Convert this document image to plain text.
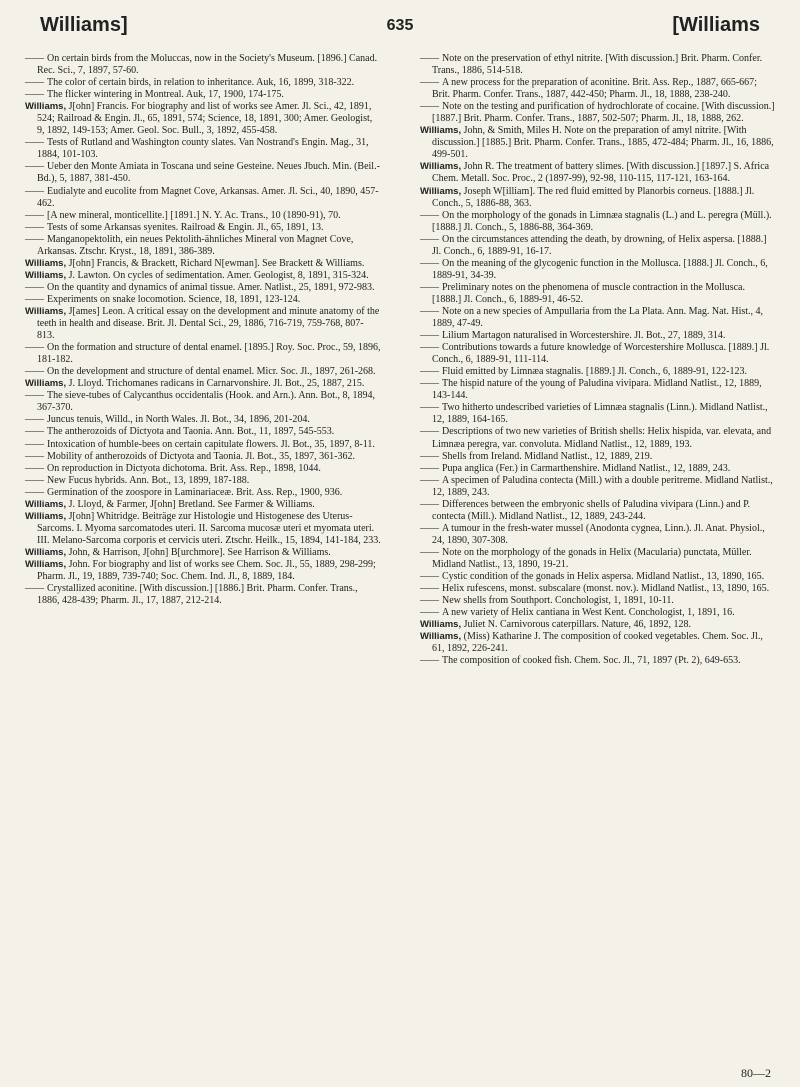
Williams]	635	[Williams

—— On certain birds from the Moluccas, now in the Society's Museum. [1896.] Canad. Rec. Sci., 7, 1897, 57-60.

—— The color of certain birds, in relation to inheritance. Auk, 16, 1899, 318-322.

—— The flicker wintering in Montreal. Auk, 17, 1900, 174-175.

Williams, J[ohn] Francis. For biography and list of works see Amer. Jl. Sci., 42, 1891, 524; Railroad & Engin. Jl., 65, 1891, 574; Science, 18, 1891, 300; Amer. Geologist, 9, 1892, 149-153; Amer. Geol. Soc. Bull., 3, 1892, 455-458.

—— Tests of Rutland and Washington county slates. Van Nostrand's Engin. Mag., 31, 1884, 101-103.

—— Ueber den Monte Amiata in Toscana und seine Gesteine. Neues Jbuch. Min. (Beil.-Bd.), 5, 1887, 381-450.

—— Eudialyte and eucolite from Magnet Cove, Arkansas. Amer. Jl. Sci., 40, 1890, 457-462.

—— [A new mineral, monticellite.] [1891.] N. Y. Ac. Trans., 10 (1890-91), 70.

—— Tests of some Arkansas syenites. Railroad & Engin. Jl., 65, 1891, 13.

—— Manganopektolith, ein neues Pektolith-ähnliches Mineral von Magnet Cove, Arkansas. Ztschr. Kryst., 18, 1891, 386-389.

Williams, J[ohn] Francis, & Brackett, Richard N[ewman]. See Brackett & Williams.

Williams, J. Lawton. On cycles of sedimentation. Amer. Geologist, 8, 1891, 315-324.

—— On the quantity and dynamics of animal tissue. Amer. Natlist., 25, 1891, 972-983.

—— Experiments on snake locomotion. Science, 18, 1891, 123-124.

Williams, J[ames] Leon. A critical essay on the development and minute anatomy of the teeth in health and disease. Brit. Jl. Dental Sci., 29, 1886, 716-719, 759-768, 807-813.

—— On the formation and structure of dental enamel. [1895.] Roy. Soc. Proc., 59, 1896, 181-182.

—— On the development and structure of dental enamel. Micr. Soc. Jl., 1897, 261-268.

Williams, J. Lloyd. Trichomanes radicans in Carnarvonshire. Jl. Bot., 25, 1887, 215.

—— The sieve-tubes of Calycanthus occidentalis (Hook. and Arn.). Ann. Bot., 8, 1894, 367-370.

—— Juncus tenuis, Willd., in North Wales. Jl. Bot., 34, 1896, 201-204.

—— The antherozoids of Dictyota and Taonia. Ann. Bot., 11, 1897, 545-553.

—— Intoxication of humble-bees on certain capitulate flowers. Jl. Bot., 35, 1897, 8-11.

—— Mobility of antherozoids of Dictyota and Taonia. Jl. Bot., 35, 1897, 361-362.

—— On reproduction in Dictyota dichotoma. Brit. Ass. Rep., 1898, 1044.

—— New Fucus hybrids. Ann. Bot., 13, 1899, 187-188.

—— Germination of the zoospore in Laminariaceæ. Brit. Ass. Rep., 1900, 936.

Williams, J. Lloyd, & Farmer, J[ohn] Bretland. See Farmer & Williams.

Williams, J[ohn] Whitridge. Beiträge zur Histologie und Histogenese des Uterus-Sarcoms. I. Myoma sarcomatodes uteri. II. Sarcoma mucosæ uteri et myomata uteri. III. Melano-Sarcoma corporis et cervicis uteri. Ztschr. Heilk., 15, 1894, 141-184, 233.

Williams, John, & Harrison, J[ohn] B[urchmore]. See Harrison & Williams.

Williams, John. For biography and list of works see Chem. Soc. Jl., 55, 1889, 298-299; Pharm. Jl., 19, 1889, 739-740; Soc. Chem. Ind. Jl., 8, 1889, 184.

—— Crystallized aconitine. [With discussion.] [1886.] Brit. Pharm. Confer. Trans., 1886, 428-439; Pharm. Jl., 17, 1887, 212-214.

—— Note on the preservation of ethyl nitrite. [With discussion.] Brit. Pharm. Confer. Trans., 1886, 514-518.

—— A new process for the preparation of aconitine. Brit. Ass. Rep., 1887, 665-667; Brit. Pharm. Confer. Trans., 1887, 442-450; Pharm. Jl., 18, 1888, 238-240.

—— Note on the testing and purification of hydrochlorate of cocaine. [With discussion.] [1887.] Brit. Pharm. Confer. Trans., 1887, 502-507; Pharm. Jl., 18, 1888, 262.

Williams, John, & Smith, Miles H. Note on the preparation of amyl nitrite. [With discussion.] [1885.] Brit. Pharm. Confer. Trans., 1885, 472-484; Pharm. Jl., 16, 1886, 499-501.

Williams, John R. The treatment of battery slimes. [With discussion.] [1897.] S. Africa Chem. Metall. Soc. Proc., 2 (1897-99), 92-98, 110-115, 117-121, 163-164.

Williams, Joseph W[illiam]. The red fluid emitted by Planorbis corneus. [1888.] Jl. Conch., 5, 1886-88, 363.

—— On the morphology of the gonads in Limnæa stagnalis (L.) and L. peregra (Müll.). [1888.] Jl. Conch., 5, 1886-88, 364-369.

—— On the circumstances attending the death, by drowning, of Helix aspersa. [1888.] Jl. Conch., 6, 1889-91, 16-17.

—— On the meaning of the glycogenic function in the Mollusca. [1888.] Jl. Conch., 6, 1889-91, 34-39.

—— Preliminary notes on the phenomena of muscle contraction in the Mollusca. [1888.] Jl. Conch., 6, 1889-91, 46-52.

—— Note on a new species of Ampullaria from the La Plata. Ann. Mag. Nat. Hist., 4, 1889, 47-49.

—— Lilium Martagon naturalised in Worcestershire. Jl. Bot., 27, 1889, 314.

—— Contributions towards a future knowledge of Worcestershire Mollusca. [1889.] Jl. Conch., 6, 1889-91, 111-114.

—— Fluid emitted by Limnæa stagnalis. [1889.] Jl. Conch., 6, 1889-91, 122-123.

—— The hispid nature of the young of Paludina vivipara. Midland Natlist., 12, 1889, 143-144.

—— Two hitherto undescribed varieties of Limnæa stagnalis (Linn.). Midland Natlist., 12, 1889, 164-165.

—— Descriptions of two new varieties of British shells: Helix hispida, var. elevata, and Limnæa peregra, var. convoluta. Midland Natlist., 12, 1889, 193.

—— Shells from Ireland. Midland Natlist., 12, 1889, 219.

—— Pupa anglica (Fer.) in Carmarthenshire. Midland Natlist., 12, 1889, 243.

—— A specimen of Paludina contecta (Mill.) with a double peritreme. Midland Natlist., 12, 1889, 243.

—— Differences between the embryonic shells of Paludina vivipara (Linn.) and P. contecta (Mill.). Midland Natlist., 12, 1889, 243-244.

—— A tumour in the fresh-water mussel (Anodonta cygnea, Linn.). Jl. Anat. Physiol., 24, 1890, 307-308.

—— Note on the morphology of the gonads in Helix (Macularia) punctata, Müller. Midland Natlist., 13, 1890, 19-21.

—— Cystic condition of the gonads in Helix aspersa. Midland Natlist., 13, 1890, 165.

—— Helix rufescens, monst. subscalare (monst. nov.). Midland Natlist., 13, 1890, 165.

—— New shells from Southport. Conchologist, 1, 1891, 10-11.

—— A new variety of Helix cantiana in West Kent. Conchologist, 1, 1891, 16.

Williams, Juliet N. Carnivorous caterpillars. Nature, 46, 1892, 128.

Williams, (Miss) Katharine J. The composition of cooked vegetables. Chem. Soc. Jl., 61, 1892, 226-241.

—— The composition of cooked fish. Chem. Soc. Jl., 71, 1897 (Pt. 2), 649-653.

80—2
